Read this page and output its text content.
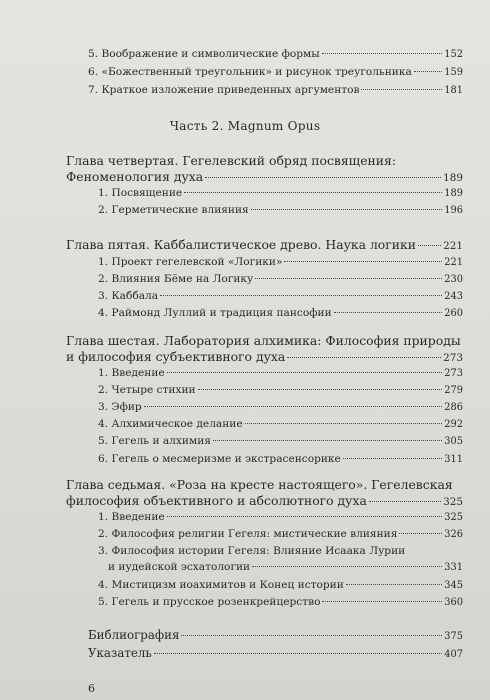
5. Воображение и символические формы	152
6. «Божественный треугольник» и рисунок треугольника	159
7. Краткое изложение приведенных аргументов	181
Часть 2. Magnum Opus
Глава четвертая. Гегелевский обряд посвящения:
Феноменология духа	189
1. Посвящение	189
2. Герметические влияния	196
Глава пятая. Каббалистическое древо. Наука логики	221
1. Проект гегелевской «Логики»	221
2. Влияния Бёме на Логику	230
3. Каббала	243
4. Раймонд Луллий и традиция пансофии	260
Глава шестая. Лаборатория алхимика: Философия природы
и философия субъективного духа	273
1. Введение	273
2. Четыре стихии	279
3. Эфир	286
4. Алхимическое делание	292
5. Гегель и алхимия	305
6. Гегель о месмеризме и экстрасенсорике	311
Глава седьмая. «Роза на кресте настоящего». Гегелевская
философия объективного и абсолютного духа	325
1. Введение	325
2. Философия религии Гегеля: мистические влияния	326
3. Философия истории Гегеля: Влияние Исаака Лурии
и иудейской эсхатологии	331
4. Мистицизм иоахимитов и Конец истории	345
5. Гегель и прусское розенкрейцерство	360
Библиография	375
Указатель	407
6
